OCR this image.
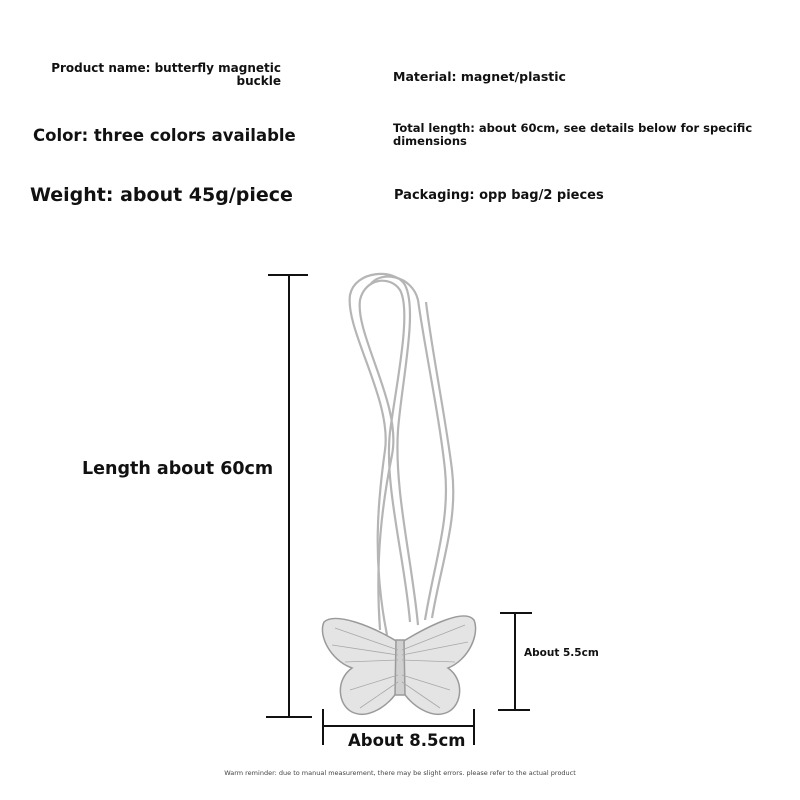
Product name: butterfly magnetic buckle
Color: three colors available
Weight: about 45g/piece
Material: magnet/plastic
Total length: about 60cm, see details below for specific dimensions
Packaging: opp bag/2 pieces
Length about 60cm
About 5.5cm
About 8.5cm
Warm reminder: due to manual measurement, there may be slight errors. please refer to the actual product
